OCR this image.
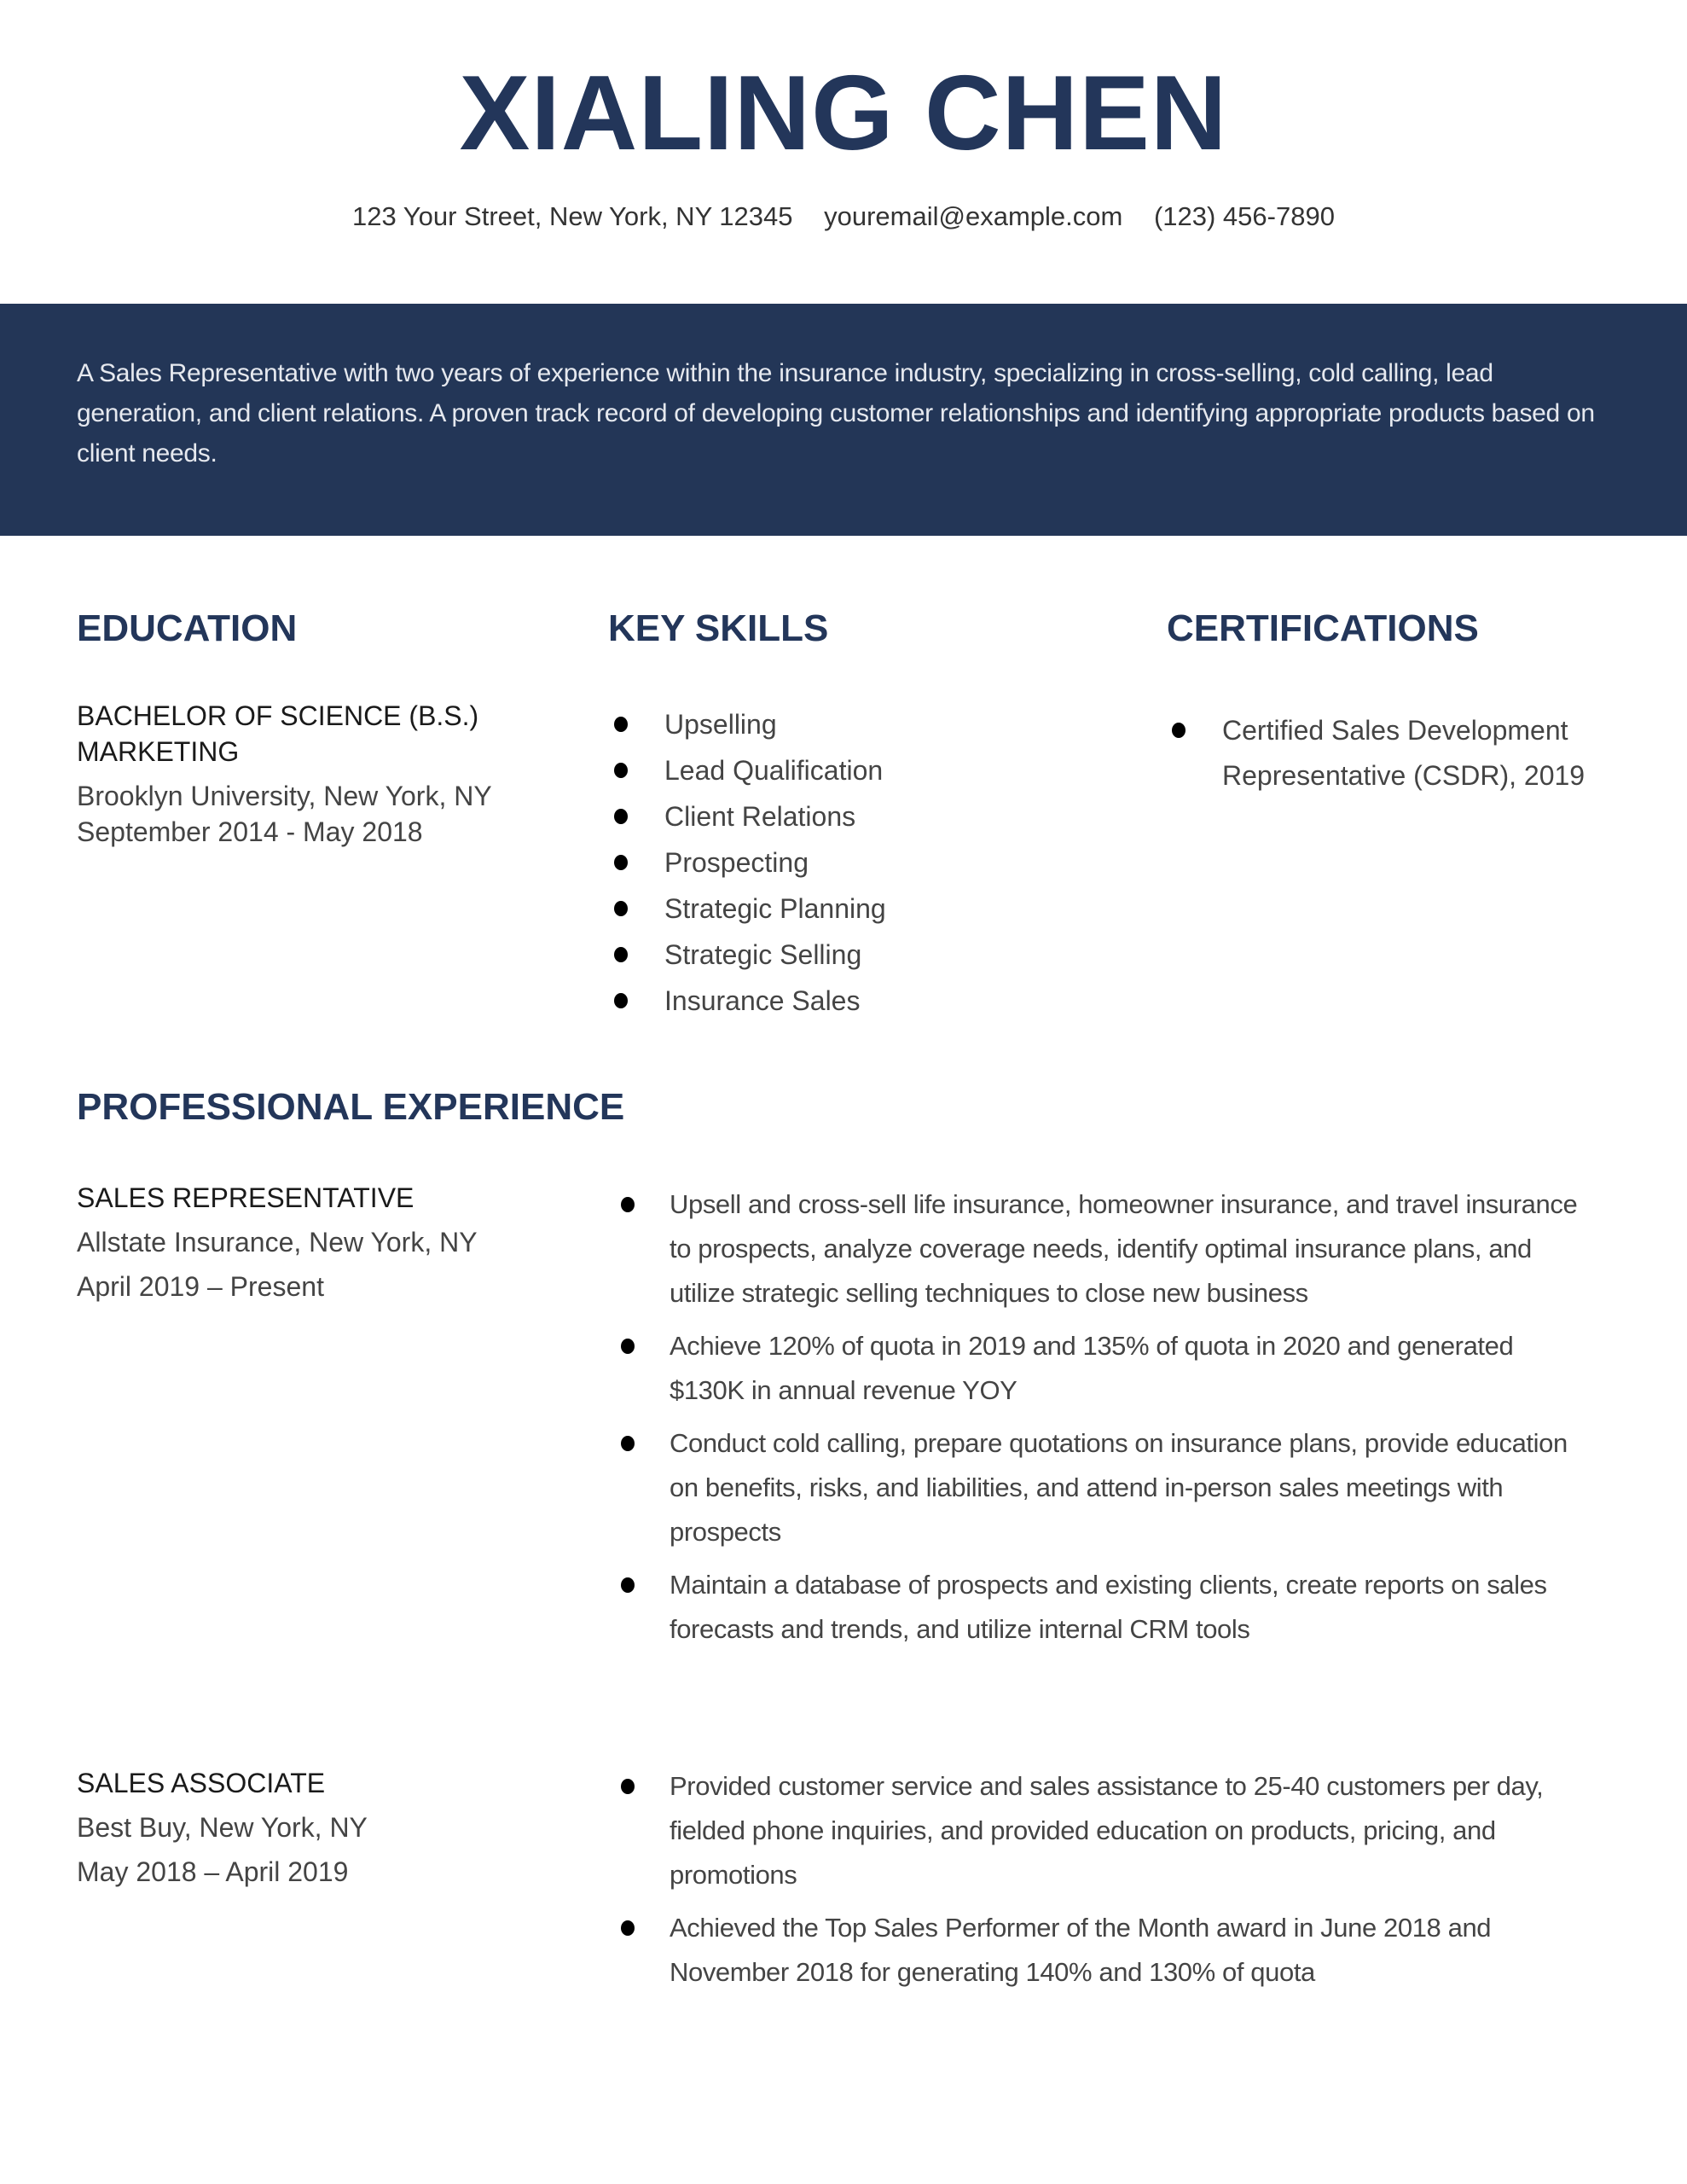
XIALING CHEN
123 Your Street, New York, NY 12345 youremail@example.com (123) 456-7890
A Sales Representative with two years of experience within the insurance industry, specializing in cross-selling, cold calling, lead generation, and client relations. A proven track record of developing customer relationships and identifying appropriate products based on client needs.
EDUCATION
BACHELOR OF SCIENCE (B.S.)
MARKETING
Brooklyn University, New York, NY
September 2014 - May 2018
KEY SKILLS
Upselling
Lead Qualification
Client Relations
Prospecting
Strategic Planning
Strategic Selling
Insurance Sales
CERTIFICATIONS
Certified Sales Development Representative (CSDR), 2019
PROFESSIONAL EXPERIENCE
SALES REPRESENTATIVE
Allstate Insurance, New York, NY
April 2019 – Present
Upsell and cross-sell life insurance, homeowner insurance, and travel insurance to prospects, analyze coverage needs, identify optimal insurance plans, and utilize strategic selling techniques to close new business
Achieve 120% of quota in 2019 and 135% of quota in 2020 and generated $130K in annual revenue YOY
Conduct cold calling, prepare quotations on insurance plans, provide education on benefits, risks, and liabilities, and attend in-person sales meetings with prospects
Maintain a database of prospects and existing clients, create reports on sales forecasts and trends, and utilize internal CRM tools
SALES ASSOCIATE
Best Buy, New York, NY
May 2018 – April 2019
Provided customer service and sales assistance to 25-40 customers per day, fielded phone inquiries, and provided education on products, pricing, and promotions
Achieved the Top Sales Performer of the Month award in June 2018 and November 2018 for generating 140% and 130% of quota
